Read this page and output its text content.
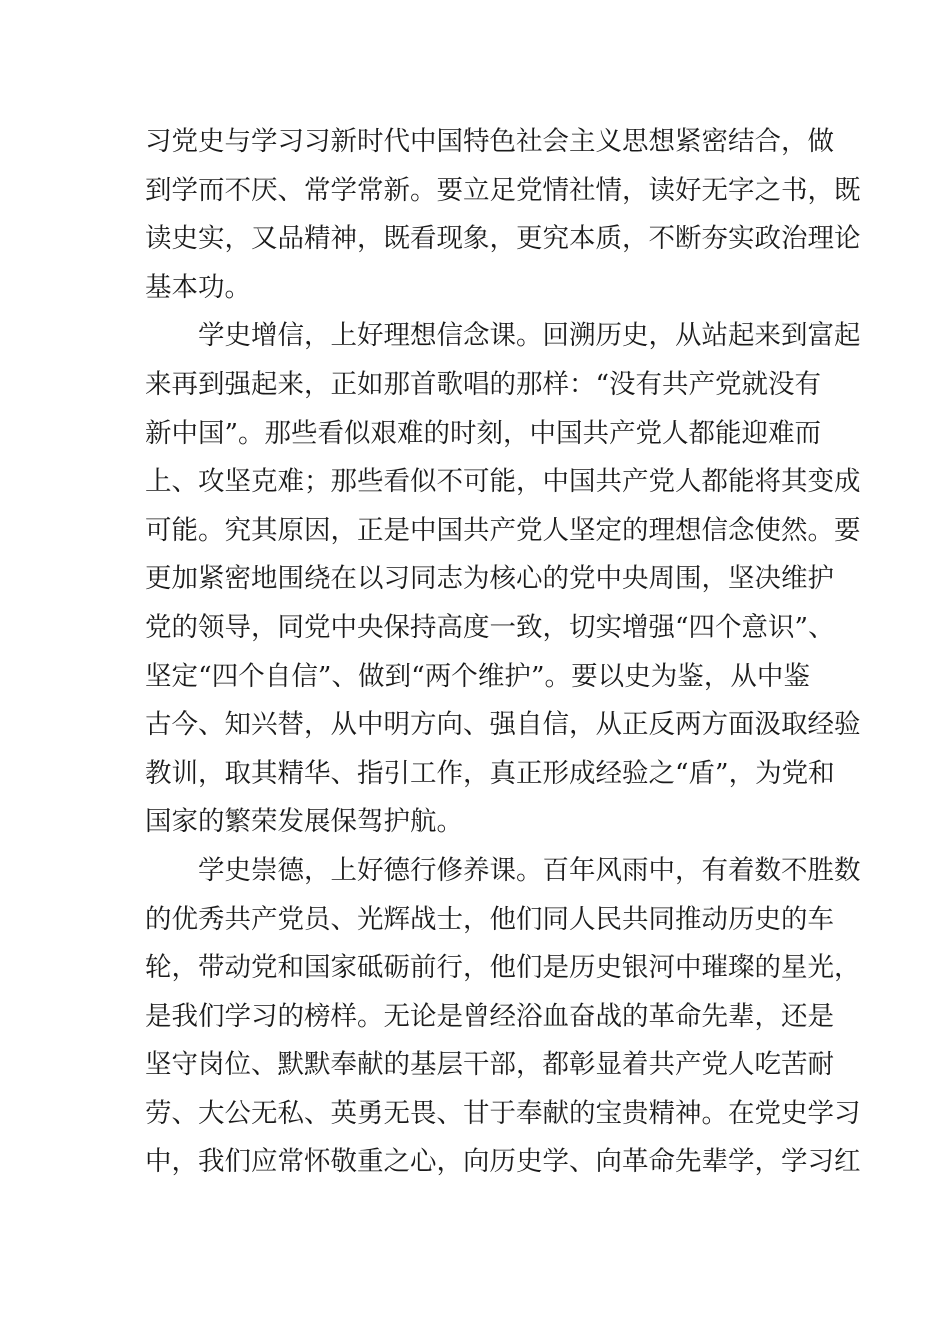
习党史与学习习新时代中国特色社会主义思想紧密结合，做
到学而不厌、常学常新。要立足党情社情，读好无字之书，既
读史实，又品精神，既看现象，更究本质，不断夯实政治理论
基本功。
学史增信，上好理想信念课。回溯历史，从站起来到富起
来再到强起来，正如那首歌唱的那样：“没有共产党就没有
新中国”。那些看似艰难的时刻，中国共产党人都能迎难而
上、攻坚克难；那些看似不可能，中国共产党人都能将其变成
可能。究其原因，正是中国共产党人坚定的理想信念使然。要
更加紧密地围绕在以习同志为核心的党中央周围，坚决维护
党的领导，同党中央保持高度一致，切实增强“四个意识”、
坚定“四个自信”、做到“两个维护”。要以史为鉴，从中鉴
古今、知兴替，从中明方向、强自信，从正反两方面汲取经验
教训，取其精华、指引工作，真正形成经验之“盾”，为党和
国家的繁荣发展保驾护航。
学史崇德，上好德行修养课。百年风雨中，有着数不胜数
的优秀共产党员、光辉战士，他们同人民共同推动历史的车
轮，带动党和国家砥砺前行，他们是历史银河中璀璨的星光，
是我们学习的榜样。无论是曾经浴血奋战的革命先辈，还是
坚守岗位、默默奉献的基层干部，都彰显着共产党人吃苦耐
劳、大公无私、英勇无畏、甘于奉献的宝贵精神。在党史学习
中，我们应常怀敬重之心，向历史学、向革命先辈学，学习红
